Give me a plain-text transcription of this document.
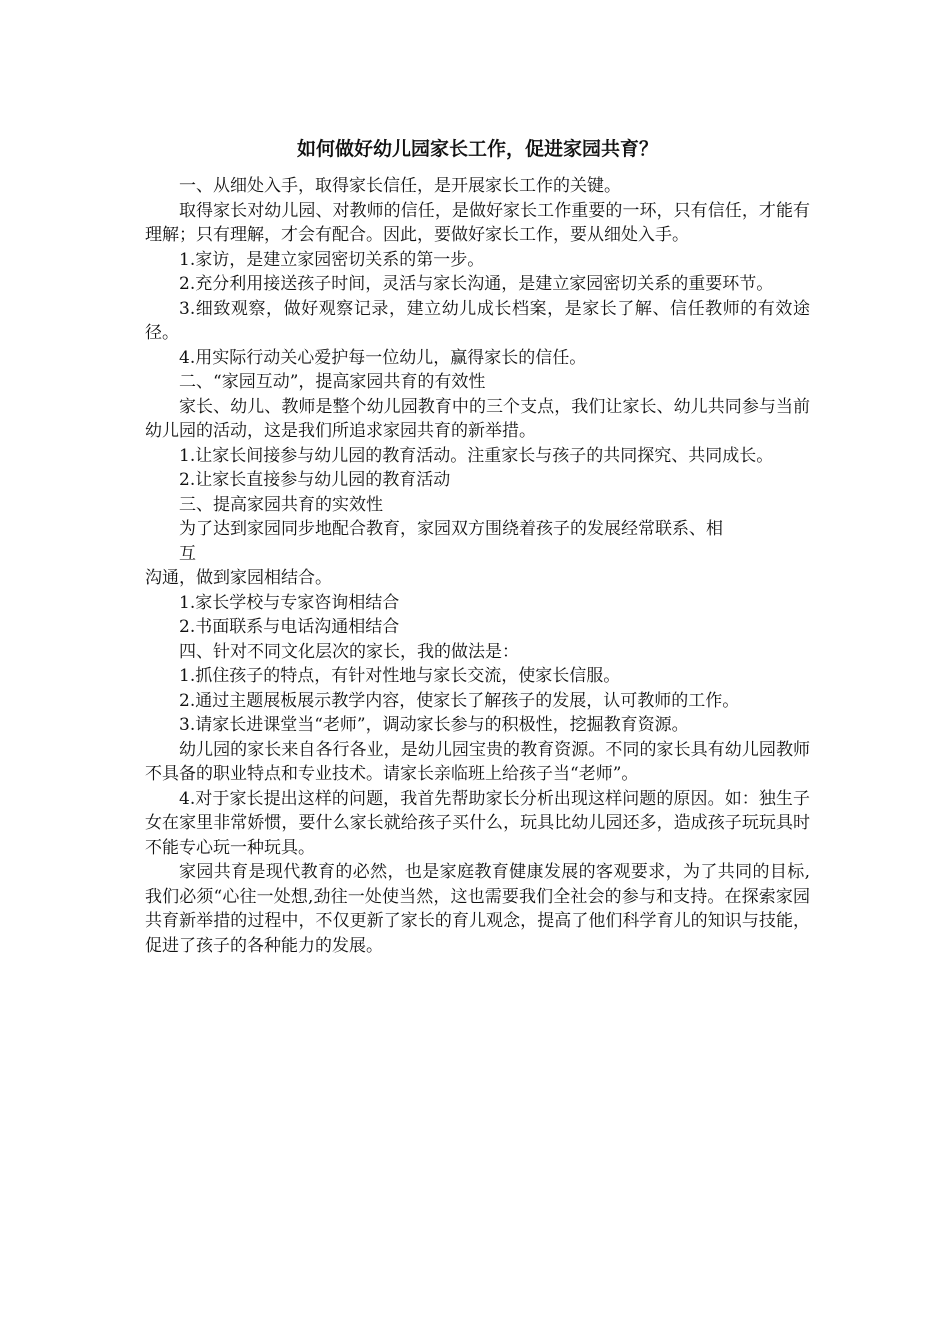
如何做好幼儿园家长工作，促进家园共育？

一、从细处入手，取得家长信任，是开展家长工作的关键。

取得家长对幼儿园、对教师的信任，是做好家长工作重要的一环，只有信任，才能有理解；只有理解，才会有配合。因此，要做好家长工作，要从细处入手。

1.家访，是建立家园密切关系的第一步。

2.充分利用接送孩子时间，灵活与家长沟通，是建立家园密切关系的重要环节。

3.细致观察，做好观察记录，建立幼儿成长档案，是家长了解、信任教师的有效途径。

4.用实际行动关心爱护每一位幼儿，赢得家长的信任。

二、“家园互动”，提高家园共育的有效性

家长、幼儿、教师是整个幼儿园教育中的三个支点，我们让家长、幼儿共同参与当前幼儿园的活动，这是我们所追求家园共育的新举措。

1.让家长间接参与幼儿园的教育活动。注重家长与孩子的共同探究、共同成长。

2.让家长直接参与幼儿园的教育活动

三、提高家园共育的实效性

为了达到家园同步地配合教育，家园双方围绕着孩子的发展经常联系、相

互

沟通，做到家园相结合。

1.家长学校与专家咨询相结合

2.书面联系与电话沟通相结合

四、针对不同文化层次的家长，我的做法是：

1.抓住孩子的特点，有针对性地与家长交流，使家长信服。

2.通过主题展板展示教学内容，使家长了解孩子的发展，认可教师的工作。

3.请家长进课堂当“老师”，调动家长参与的积极性，挖掘教育资源。

幼儿园的家长来自各行各业，是幼儿园宝贵的教育资源。不同的家长具有幼儿园教师不具备的职业特点和专业技术。请家长亲临班上给孩子当“老师”。

4.对于家长提出这样的问题，我首先帮助家长分析出现这样问题的原因。如：独生子女在家里非常娇惯，要什么家长就给孩子买什么，玩具比幼儿园还多，造成孩子玩玩具时不能专心玩一种玩具。

家园共育是现代教育的必然，也是家庭教育健康发展的客观要求，为了共同的目标,我们必须“心往一处想,劲往一处使当然，这也需要我们全社会的参与和支持。在探索家园共育新举措的过程中，不仅更新了家长的育儿观念，提高了他们科学育儿的知识与技能，促进了孩子的各种能力的发展。
